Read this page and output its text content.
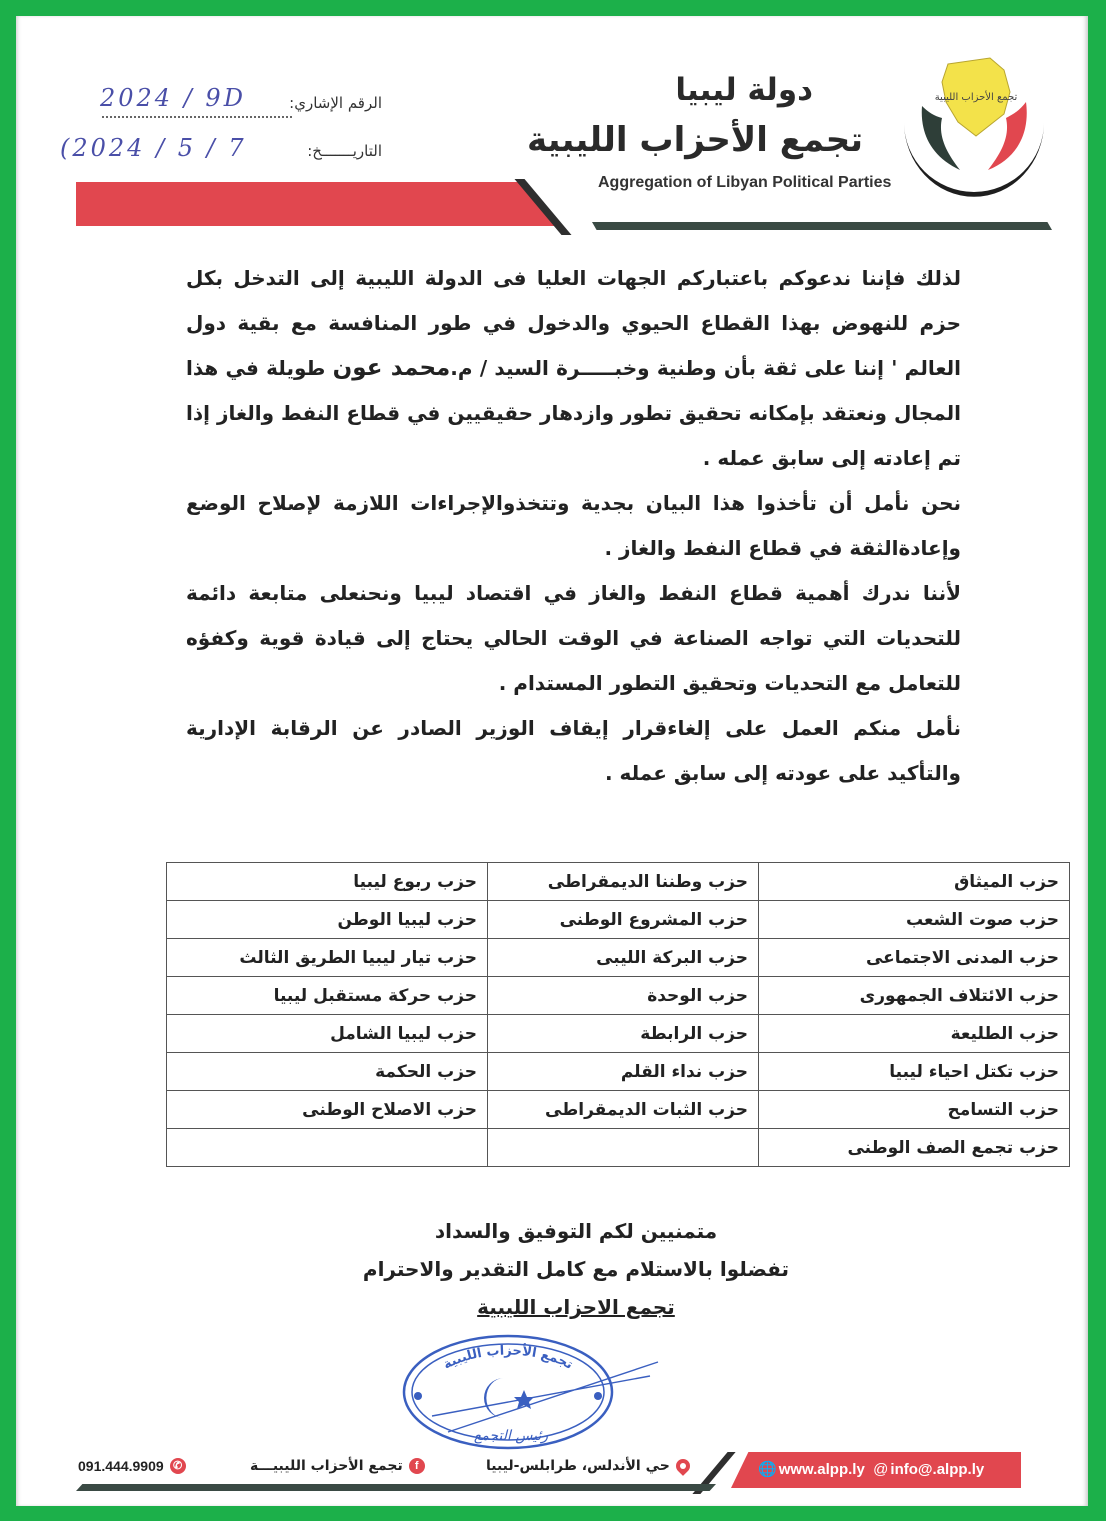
تجمع الأحزاب الليبية
دولة ليبيا
تجمع الأحزاب الليبية
Aggregation of Libyan Political Parties
الرقم الإشاري:
2024 / 9D
التاريـــــــخ:
(2024 / 5 / 7

لذلك فإننا ندعوكم باعتباركم الجهات العليا فى الدولة الليبية إلى التدخل بكل حزم للنهوض بهذا القطاع الحيوي والدخول في طور المنافسة مع بقية دول العالم ' إننا على ثقة بأن وطنية وخبـــــرة السيد / م.محمد عون طويلة في هذا المجال ونعتقد بإمكانه تحقيق تطور وازدهار حقيقيين في قطاع النفط والغاز إذا تم إعادته إلى سابق عمله .

نحن نأمل أن تأخذوا هذا البيان بجدية وتتخذوالإجراءات اللازمة لإصلاح الوضع وإعادةالثقة في قطاع النفط والغاز .

لأننا ندرك أهمية قطاع النفط والغاز في اقتصاد ليبيا ونحنعلى متابعة دائمة للتحديات التي تواجه الصناعة في الوقت الحالي يحتاج إلى قيادة قوية وكفؤه للتعامل مع التحديات وتحقيق التطور المستدام .

نأمل منكم العمل على إلغاءقرار إيقاف الوزير الصادر عن الرقابة الإدارية والتأكيد على عودته إلى سابق عمله .

حزب الميثاق	حزب وطننا الديمقراطى	حزب ربوع ليبيا
حزب صوت الشعب	حزب المشروع الوطنى	حزب ليبيا الوطن
حزب المدنى الاجتماعى	حزب البركة الليبى	حزب تيار ليبيا الطريق الثالث
حزب الائتلاف الجمهورى	حزب الوحدة	حزب حركة مستقبل ليبيا
حزب الطليعة	حزب الرابطة	حزب ليبيا الشامل
حزب تكتل احياء ليبيا	حزب نداء القلم	حزب الحكمة
حزب التسامح	حزب الثبات الديمقراطى	حزب الاصلاح الوطنى
حزب تجمع الصف الوطنى		
متمنيين لكم التوفيق والسداد
تفضلوا بالاستلام مع كامل التقدير والاحترام
تجمع الاحزاب الليبية
تجمع الأحزاب الليبية
رئيس التجمع
🌐 www.alpp.ly @ info@.alpp.ly
حي الأندلس، طرابلس-ليبيا
f
تجمع الأحزاب الليبيـــة
091.444.9909 ✆
